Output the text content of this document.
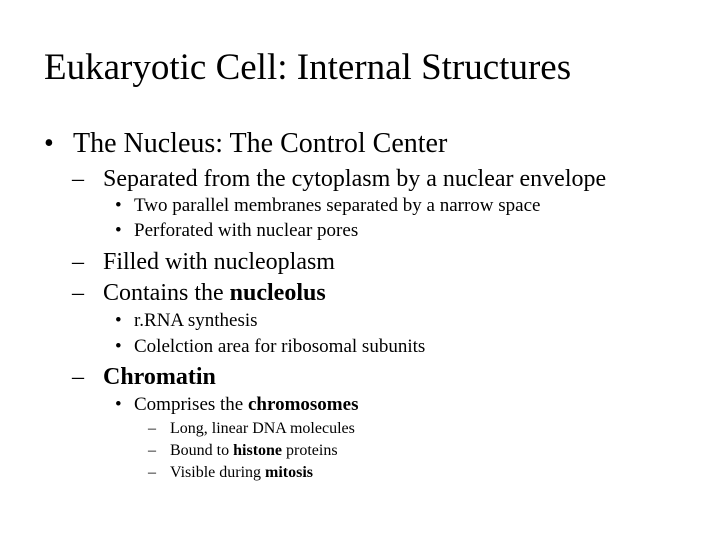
Eukaryotic Cell: Internal Structures
• The Nucleus: The Control Center
– Separated from the cytoplasm by a nuclear envelope
• Two parallel membranes separated by a narrow space
• Perforated with nuclear pores
– Filled with nucleoplasm
– Contains the nucleolus
• r.RNA synthesis
• Colelction area for ribosomal subunits
– Chromatin
• Comprises the chromosomes
– Long, linear DNA molecules
– Bound to histone proteins
– Visible during mitosis
